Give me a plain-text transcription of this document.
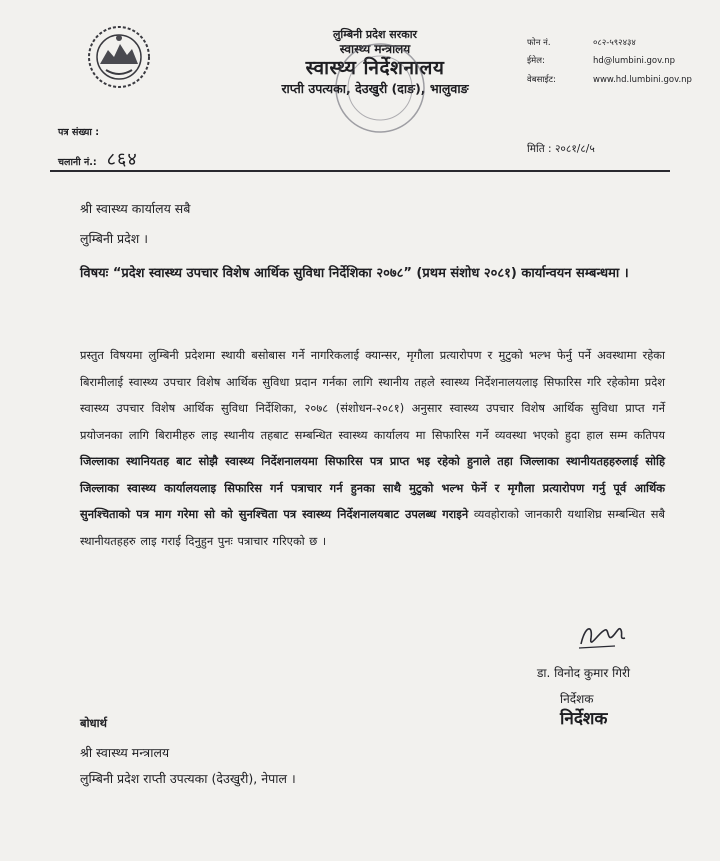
लुम्बिनी प्रदेश सरकार
स्वास्थ्य मन्त्रालय
स्वास्थ्य निर्देशनालय
राप्ती उपत्यका, देउखुरी (दाङ), भालुवाङ
फोन नं.	०८२-५९२४३४
ईमेल:	hd@lumbini.gov.np
वेबसाईट:	www.hd.lumbini.gov.np
पत्र संख्या :
चलानी नं.: ८६४	मिति : २०८१/८/५
श्री स्वास्थ्य कार्यालय सबै
लुम्बिनी प्रदेश ।
विषयः “प्रदेश स्वास्थ्य उपचार विशेष आर्थिक सुविधा निर्देशिका २०७८” (प्रथम संशोध २०८१) कार्यान्वयन सम्बन्धमा ।
प्रस्तुत विषयमा लुम्बिनी प्रदेशमा स्थायी बसोबास गर्ने नागरिकलाई क्यान्सर, मृगौला प्रत्यारोपण र मुटुको भल्भ फेर्नु पर्ने अवस्थामा रहेका बिरामीलाई स्वास्थ्य उपचार विशेष आर्थिक सुविधा प्रदान गर्नका लागि स्थानीय तहले स्वास्थ्य निर्देशनालयलाइ सिफारिस गरि रहेकोमा प्रदेश स्वास्थ्य उपचार विशेष आर्थिक सुविधा निर्देशिका, २०७८ (संशोधन-२०८१) अनुसार स्वास्थ्य उपचार विशेष आर्थिक सुविधा प्राप्त गर्ने प्रयोजनका लागि बिरामीहरु लाइ स्थानीय तहबाट सम्बन्धित स्वास्थ्य कार्यालय मा सिफारिस गर्ने व्यवस्था भएको हुदा हाल सम्म कतिपय जिल्लाका स्थानियतह बाट सोझै स्वास्थ्य निर्देशनालयमा सिफारिस पत्र प्राप्त भइ रहेको हुनाले तहा जिल्लाका स्थानीयतहहरुलाई सोहि जिल्लाका स्वास्थ्य कार्यालयलाइ सिफारिस गर्न पत्राचार गर्न हुनका साथै मुटुको भल्भ फेर्ने र मृगौला प्रत्यारोपण गर्नु पूर्व आर्थिक सुनश्चिताको पत्र माग गरेमा सो को सुनश्चिता पत्र स्वास्थ्य निर्देशनालयबाट उपलब्ध गराइने व्यवहोराको जानकारी यथाशिघ्र सम्बन्धित सबै स्थानीयतहहरु लाइ गराई दिनुहुन पुनः पत्राचार गरिएको छ ।
डा. विनोद कुमार गिरी
निर्देशक
निर्देशक
बोधार्थ
श्री स्वास्थ्य मन्त्रालय
लुम्बिनी प्रदेश राप्ती उपत्यका (देउखुरी), नेपाल ।
